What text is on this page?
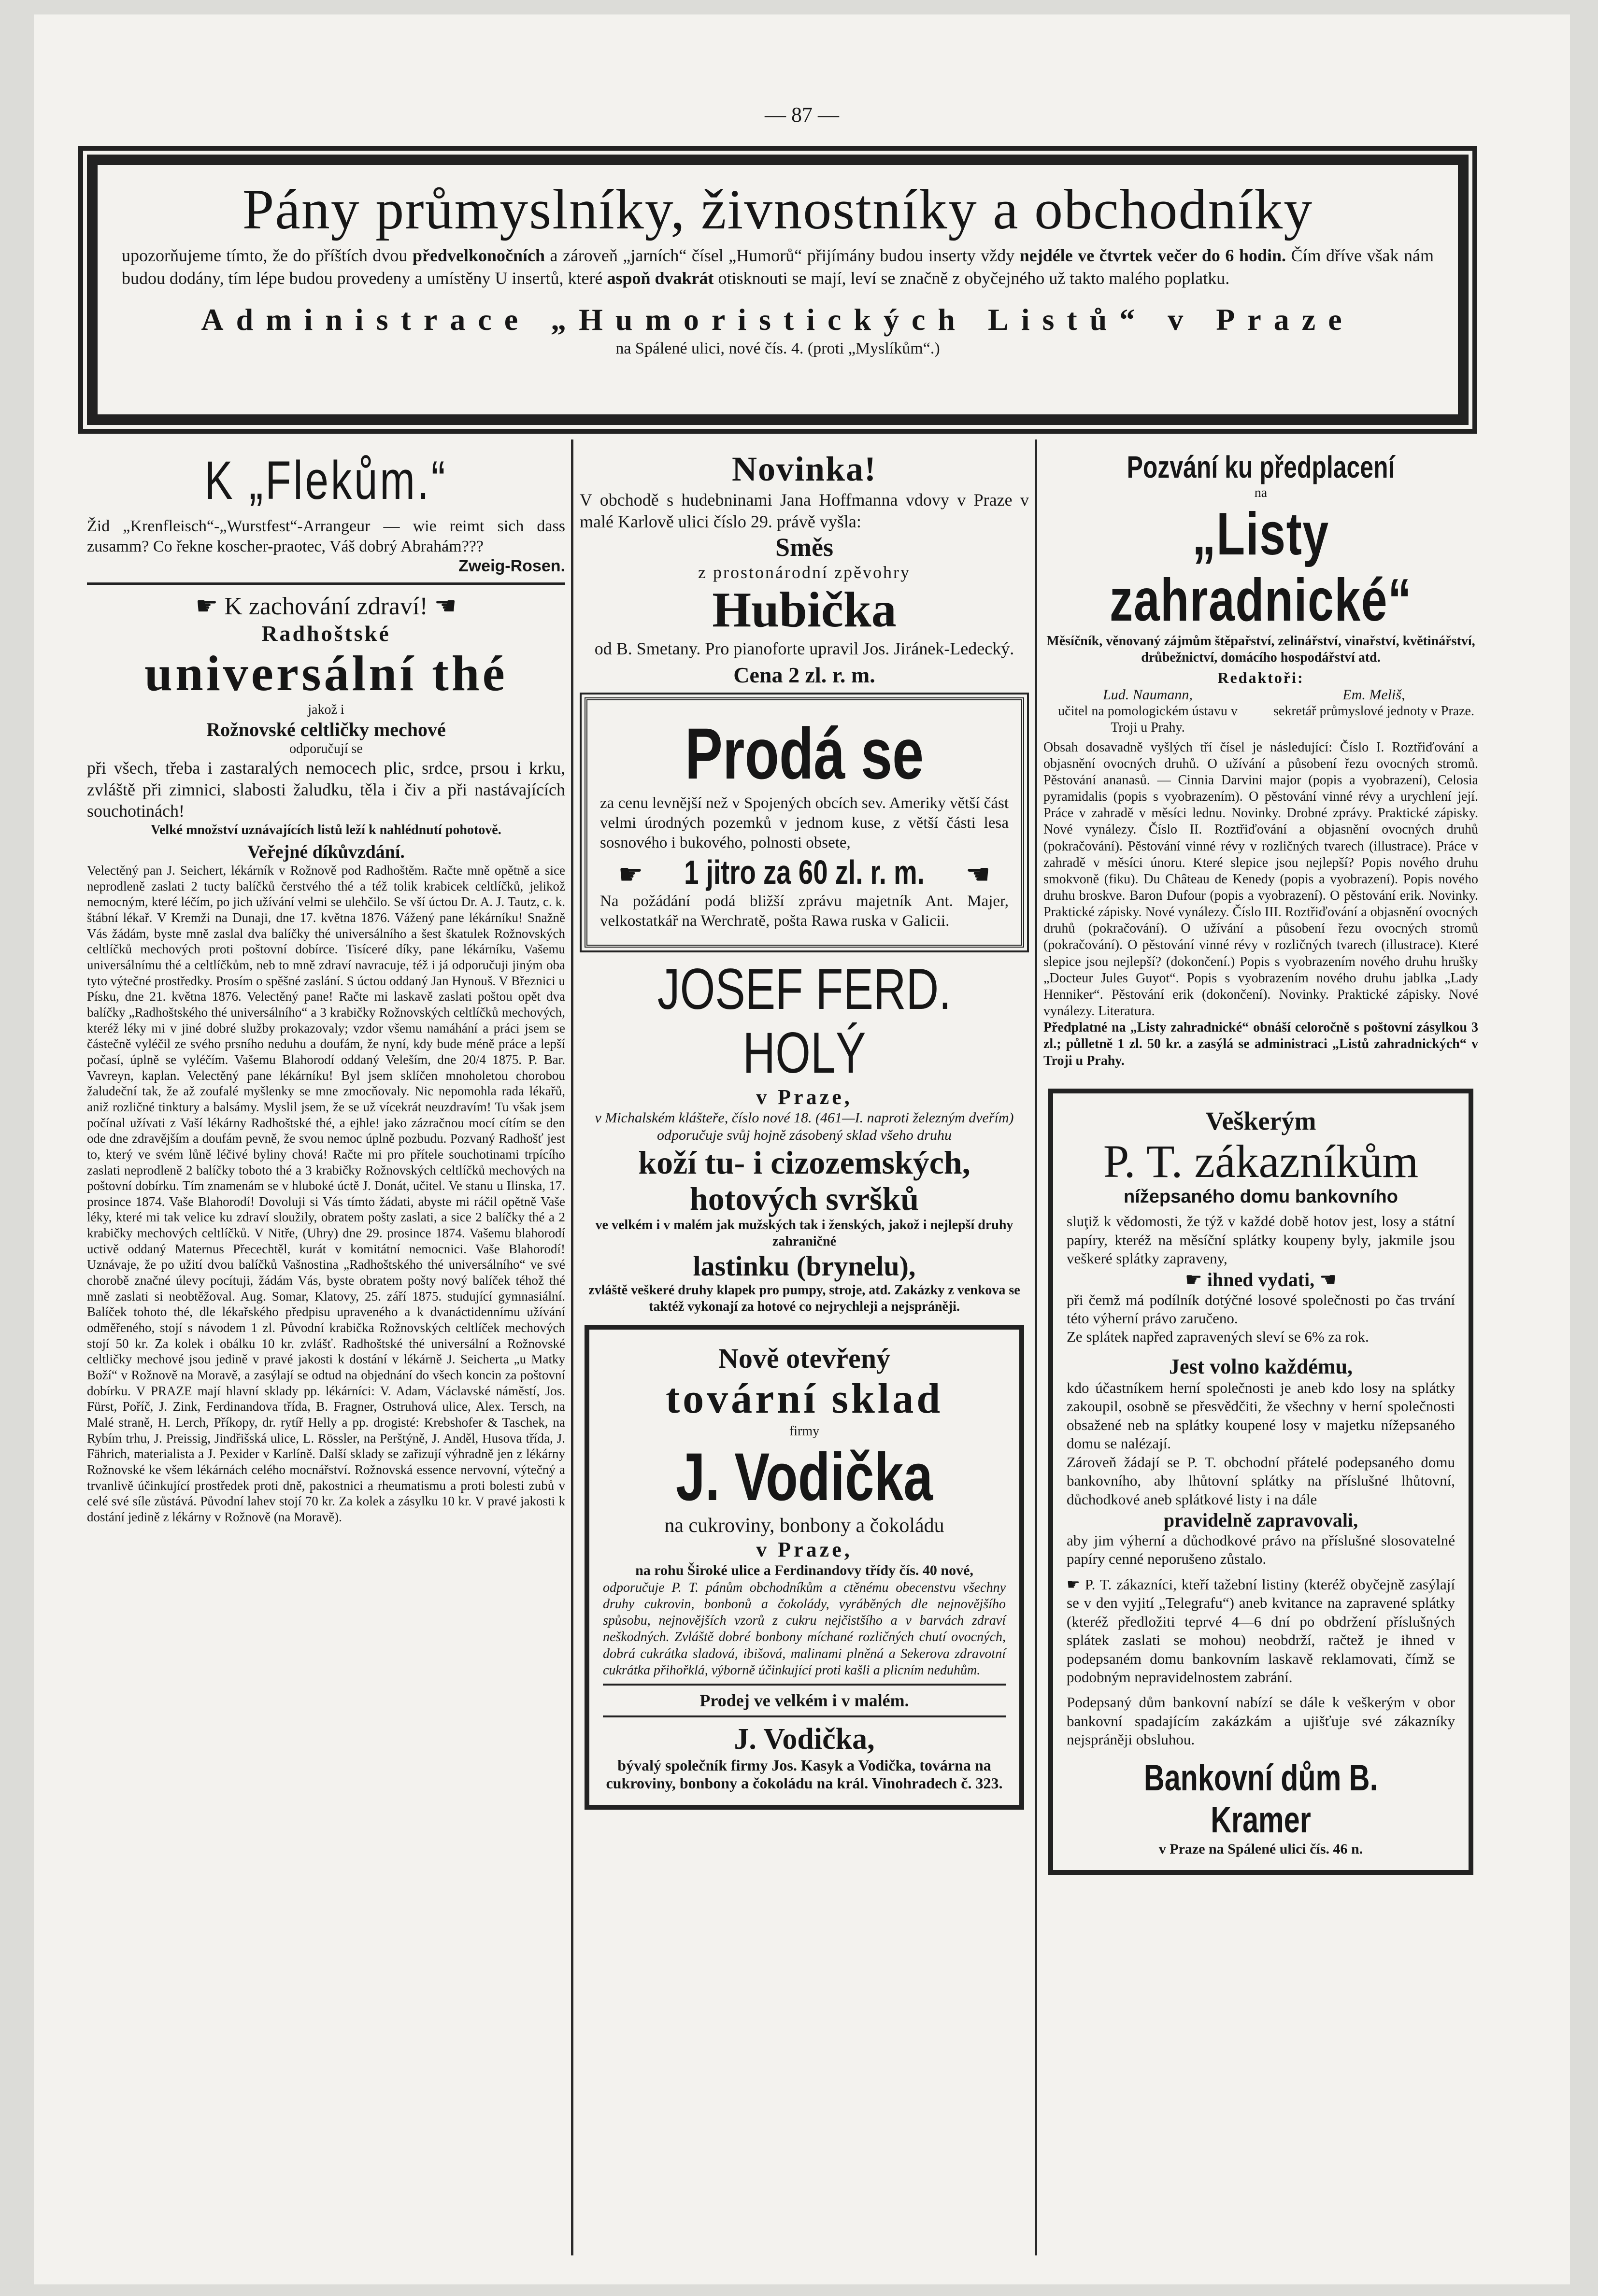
— 87 —
Pány průmyslníky, živnostníky a obchodníky
upozorňujeme tímto, že do příštích dvou předvelkonočních a zároveň „jarních“ čísel „Humorů“ přijímány budou inserty vždy nejdéle ve čtvrtek večer do 6 hodin. Čím dříve však nám budou dodány, tím lépe budou provedeny a umístěny U insertů, které aspoň dvakrát otisknouti se mají, leví se značně z obyčejného už takto malého poplatku.
Administrace „Humoristických Listů“ v Praze
na Spálené ulici, nové čís. 4. (proti „Myslíkům“.)

K „Flekům.“

Žid „Krenfleisch“-„Wurstfest“-Arrangeur — wie reimt sich dass zusamm? Co řekne koscher-praotec, Váš dobrý Abrahám???

Zweig-Rosen.

☛ K zachování zdraví! ☚

Radhoštské

universální thé

jakož i

Rožnovské celtličky mechové

odporučují se

při všech, třeba i zastaralých nemocech plic, srdce, prsou i krku, zvláště při zimnici, slabosti žaludku, těla i čiv a při nastávajících souchotinách!

Velké množství uznávajících listů leží k nahlédnutí pohotově.

Veřejné díkůvzdání.

Velectěný pan J. Seichert, lékárník v Rožnově pod Radhoštěm. Račte mně opětně a sice neprodleně zaslati 2 tucty balíčků čerstvého thé a též tolik krabicek celtlíčků, jelikož nemocným, které léčím, po jich užívání velmi se ulehčilo. Se vší úctou Dr. A. J. Tautz, c. k. štábní lékař. V Kremži na Dunaji, dne 17. května 1876. Vážený pane lékárníku! Snažně Vás žádám, byste mně zaslal dva balíčky thé universálního a šest škatulek Rožnovských celtlíčků mechových proti poštovní dobírce. Tisíceré díky, pane lékárníku, Vašemu universálnímu thé a celtlíčkům, neb to mně zdraví navracuje, též i já odporučuji jiným oba tyto výtečné prostředky. Prosím o spěšné zaslání. S úctou oddaný Jan Hynouš. V Březnici u Písku, dne 21. května 1876. Velectěný pane! Račte mi laskavě zaslati poštou opět dva balíčky „Radhoštského thé universálního“ a 3 krabičky Rožnovských celtlíčků mechových, kteréž léky mi v jiné dobré služby prokazovaly; vzdor všemu namáhání a práci jsem se částečně vyléčil ze svého prsního neduhu a doufám, že nyní, kdy bude méně práce a lepší počasí, úplně se vyléčím. Vašemu Blahorodí oddaný Veleším, dne 20/4 1875. P. Bar. Vavreyn, kaplan. Velectěný pane lékárníku! Byl jsem sklíčen mnoholetou chorobou žaludeční tak, že až zoufalé myšlenky se mne zmocňovaly. Nic nepomohla rada lékařů, aniž rozličné tinktury a balsámy. Myslil jsem, že se už vícekrát neuzdravím! Tu však jsem počínal užívati z Vaší lékárny Radhoštské thé, a ejhle! jako zázračnou mocí cítím se den ode dne zdravějším a doufám pevně, že svou nemoc úplně pozbudu. Pozvaný Radhošť jest to, který ve svém lůně léčivé byliny chová! Račte mi pro přítele souchotinami trpícího zaslati neprodleně 2 balíčky toboto thé a 3 krabičky Rožnovských celtlíčků mechových na poštovní dobírku. Tím znamenám se v hluboké úctě J. Donát, učitel. Ve stanu u Ilinska, 17. prosince 1874. Vaše Blahorodí! Dovoluji si Vás tímto žádati, abyste mi ráčil opětně Vaše léky, které mi tak velice ku zdraví sloužily, obratem pošty zaslati, a sice 2 balíčky thé a 2 krabičky mechových celtlíčků. V Nitře, (Uhry) dne 29. prosince 1874. Vašemu blahorodí uctivě oddaný Maternus Přecechtěl, kurát v komitátní nemocnici. Vaše Blahorodí! Uznávaje, že po užití dvou balíčků Vašnostina „Radhoštského thé universálního“ ve své chorobě značné úlevy pocítuji, žádám Vás, byste obratem pošty nový balíček téhož thé mně zaslati si neobtěžoval. Aug. Somar, Klatovy, 25. září 1875. studující gymnasiální. Balíček tohoto thé, dle lékařského předpisu upraveného a k dvanáctidennímu užívání odměřeného, stojí s návodem 1 zl. Původní krabička Rožnovských celtlíček mechových stojí 50 kr. Za kolek i obálku 10 kr. zvlášť. Radhoštské thé universální a Rožnovské celtličky mechové jsou jedině v pravé jakosti k dostání v lékárně J. Seicherta „u Matky Boží“ v Rožnově na Moravě, a zasýlají se odtud na objednání do všech koncin za poštovní dobírku. V PRAZE mají hlavní sklady pp. lékárníci: V. Adam, Václavské náměstí, Jos. Fürst, Poříč, J. Zink, Ferdinandova třída, B. Fragner, Ostruhová ulice, Alex. Tersch, na Malé straně, H. Lerch, Příkopy, dr. rytíř Helly a pp. drogisté: Krebshofer & Taschek, na Rybím trhu, J. Preissig, Jindřišská ulice, L. Rössler, na Perštýně, J. Anděl, Husova třída, J. Fährich, materialista a J. Pexider v Karlíně. Další sklady se zařizují výhradně jen z lékárny Rožnovské ke všem lékárnách celého mocnářství. Rožnovská essence nervovní, výtečný a trvanlivě účinkující prostředek proti dně, pakostnici a rheumatismu a proti bolesti zubů v celé své síle zůstává. Původní lahev stojí 70 kr. Za kolek a zásylku 10 kr. V pravé jakosti k dostání jedině z lékárny v Rožnově (na Moravě).

Novinka!

V obchodě s hudebninami Jana Hoffmanna vdovy v Praze v malé Karlově ulici číslo 29. právě vyšla:

Směs

z prostonárodní zpěvohry

Hubička

od B. Smetany. Pro pianoforte upravil Jos. Jiránek-Ledecký.

Cena 2 zl. r. m.

Prodá se

za cenu levnější než v Spojených obcích sev. Ameriky větší část velmi úrodných pozemků v jednom kuse, z větší části lesa sosnového i bukového, polnosti obsete,

☛ 1 jitro za 60 zl. r. m. ☚

Na požádání podá bližší zprávu majetník Ant. Majer, velkostatkář na Werchratě, pošta Rawa ruska v Galicii.

JOSEF FERD. HOLÝ

v Praze,

v Michalském klášteře, číslo nové 18. (461—I. naproti železným dveřím) odporučuje svůj hojně zásobený sklad všeho druhu

koží tu- i cizozemských,

hotových svršků

ve velkém i v malém jak mužských tak i ženských, jakož i nejlepší druhy zahraničné

lastinku (brynelu),

zvláště veškeré druhy klapek pro pumpy, stroje, atd. Zakázky z venkova se taktéž vykonají za hotové co nejrychleji a nejspráněji.

Nově otevřený

tovární sklad

firmy

J. Vodička

na cukroviny, bonbony a čokoládu

v Praze,

na rohu Široké ulice a Ferdinandovy třídy čís. 40 nové,

odporučuje P. T. pánům obchodníkům a ctěnému obecenstvu všechny druhy cukrovin, bonbonů a čokolády, vyráběných dle nejnovějšího spůsobu, nejnovějších vzorů z cukru nejčistšího a v barvách zdraví neškodných. Zvláště dobré bonbony míchané rozličných chutí ovocných, dobrá cukrátka sladová, ibišová, malinami plněná a Sekerova zdravotní cukrátka přihořklá, výborně účinkující proti kašli a plicním neduhům.

Prodej ve velkém i v malém.

J. Vodička,

bývalý společník firmy Jos. Kasyk a Vodička, továrna na cukroviny, bonbony a čokoládu na král. Vinohradech č. 323.

Pozvání ku předplacení

na

„Listy zahradnické“

Měsíčník, věnovaný zájmům štěpařství, zelinářství, vinařství, květinářství, drůbežnictví, domácího hospodářství atd.

Redaktoři:

Lud. Naumann,
učitel na pomologickém ústavu v Troji u Prahy.
Em. Meliš,
sekretář průmyslové jednoty v Praze.

Obsah dosavadně vyšlých tří čísel je následující: Číslo I. Roztřiďování a objasnění ovocných druhů. O užívání a působení řezu ovocných stromů. Pěstování ananasů. — Cinnia Darvini major (popis a vyobrazení), Celosia pyramidalis (popis s vyobrazením). O pěstování vinné révy a urychlení její. Práce v zahradě v měsíci lednu. Novinky. Drobné zprávy. Praktické zápisky. Nové vynálezy. Číslo II. Roztřiďování a objasnění ovocných druhů (pokračování). Pěstování vinné révy v rozličných tvarech (illustrace). Práce v zahradě v měsíci únoru. Které slepice jsou nejlepší? Popis nového druhu smokvoně (fiku). Du Château de Kenedy (popis a vyobrazení). Popis nového druhu broskve. Baron Dufour (popis a vyobrazení). O pěstování erik. Novinky. Praktické zápisky. Nové vynálezy. Číslo III. Roztřiďování a objasnění ovocných druhů (pokračování). O užívání a působení řezu ovocných stromů (pokračování). O pěstování vinné révy v rozličných tvarech (illustrace). Které slepice jsou nejlepší? (dokončení.) Popis s vyobrazením nového druhu hrušky „Docteur Jules Guyot“. Popis s vyobrazením nového druhu jablka „Lady Henniker“. Pěstování erik (dokončení). Novinky. Praktické zápisky. Nové vynálezy. Literatura.

Předplatné na „Listy zahradnické“ obnáší celoročně s poštovní zásylkou 3 zl.; půlletně 1 zl. 50 kr. a zasýlá se administraci „Listů zahradnických“ v Troji u Prahy.

Veškerým

P. T. zákazníkům

nížepsaného domu bankovního

sluţiž k vědomosti, že týž v každé době hotov jest, losy a státní papíry, kteréž na měsíční splátky koupeny byly, jakmile jsou veškeré splátky zapraveny,

☛ ihned vydati, ☚

při čemž má podílník dotýčné losové společnosti po čas trvání této výherní právo zaručeno.

Ze splátek napřed zapravených sleví se 6% za rok.

Jest volno každému,

kdo účastníkem herní společnosti je aneb kdo losy na splátky zakoupil, osobně se přesvědčiti, že všechny v herní společnosti obsažené neb na splátky koupené losy v majetku nížepsaného domu se nalézají.

Zároveň žádají se P. T. obchodní přátelé podepsaného domu bankovního, aby lhůtovní splátky na příslušné lhůtovní, důchodkové aneb splátkové listy i na dále

pravidelně zapravovali,

aby jim výherní a důchodkové právo na příslušné slosovatelné papíry cenné neporušeno zůstalo.

☛ P. T. zákazníci, kteří tažební listiny (kteréž obyčejně zasýlají se v den vyjití „Telegrafu“) aneb kvitance na zapravené splátky (kteréž předložiti teprvé 4—6 dní po obdržení příslušných splátek zaslati se mohou) neobdrží, račtež je ihned v podepsaném domu bankovním laskavě reklamovati, čímž se podobným nepravidelnostem zabrání.

Podepsaný dům bankovní nabízí se dále k veškerým v obor bankovní spadajícím zakázkám a ujišťuje své zákazníky nejspráněji obsluhou.

Bankovní dům B. Kramer

v Praze na Spálené ulici čís. 46 n.
